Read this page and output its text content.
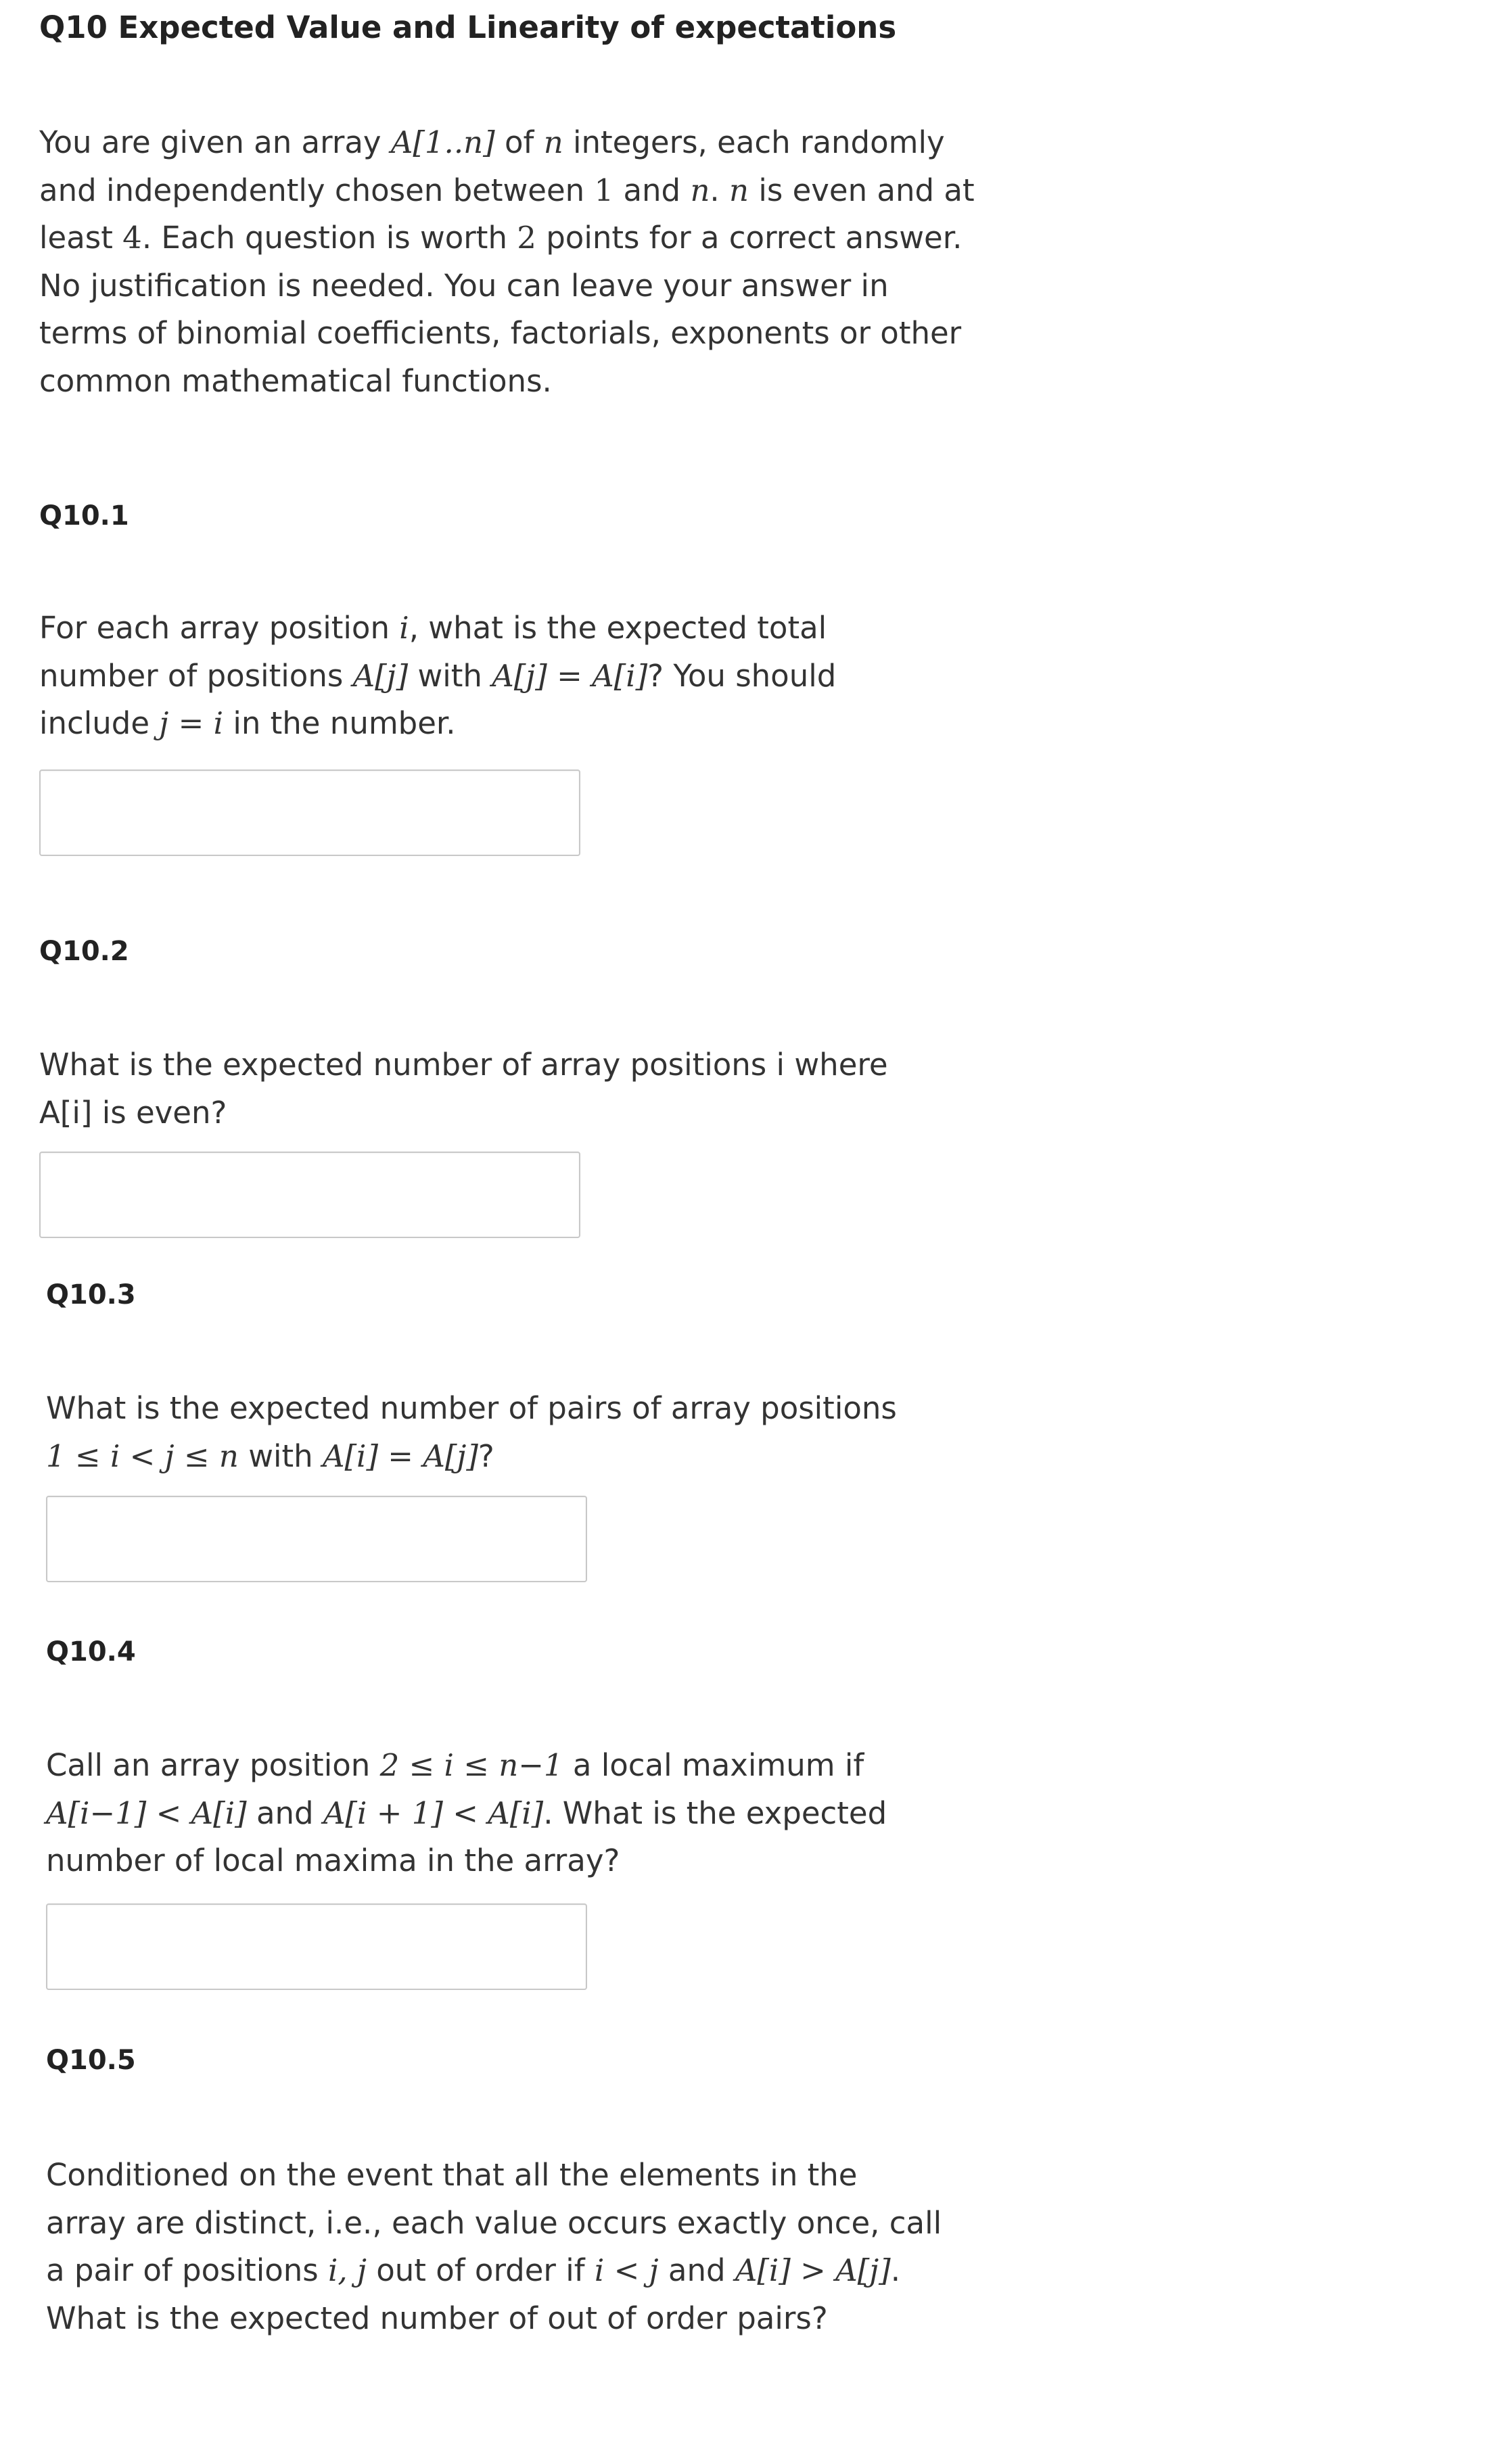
Q10 Expected Value and Linearity of expectations
You are given an array A[1..n] of n integers, each randomly
and independently chosen between 1 and n. n is even and at
least 4. Each question is worth 2 points for a correct answer.
No justification is needed. You can leave your answer in
terms of binomial coefficients, factorials, exponents or other
common mathematical functions.
Q10.1
For each array position i, what is the expected total
number of positions A[j] with A[j] = A[i]? You should
include j = i in the number.
Q10.2
What is the expected number of array positions i where
A[i] is even?
Q10.3
What is the expected number of pairs of array positions
1 ≤ i < j ≤ n with A[i] = A[j]?
Q10.4
Call an array position 2 ≤ i ≤ n−1 a local maximum if
A[i−1] < A[i] and A[i + 1] < A[i]. What is the expected
number of local maxima in the array?
Q10.5
Conditioned on the event that all the elements in the
array are distinct, i.e., each value occurs exactly once, call
a pair of positions i, j out of order if i < j and A[i] > A[j].
What is the expected number of out of order pairs?
